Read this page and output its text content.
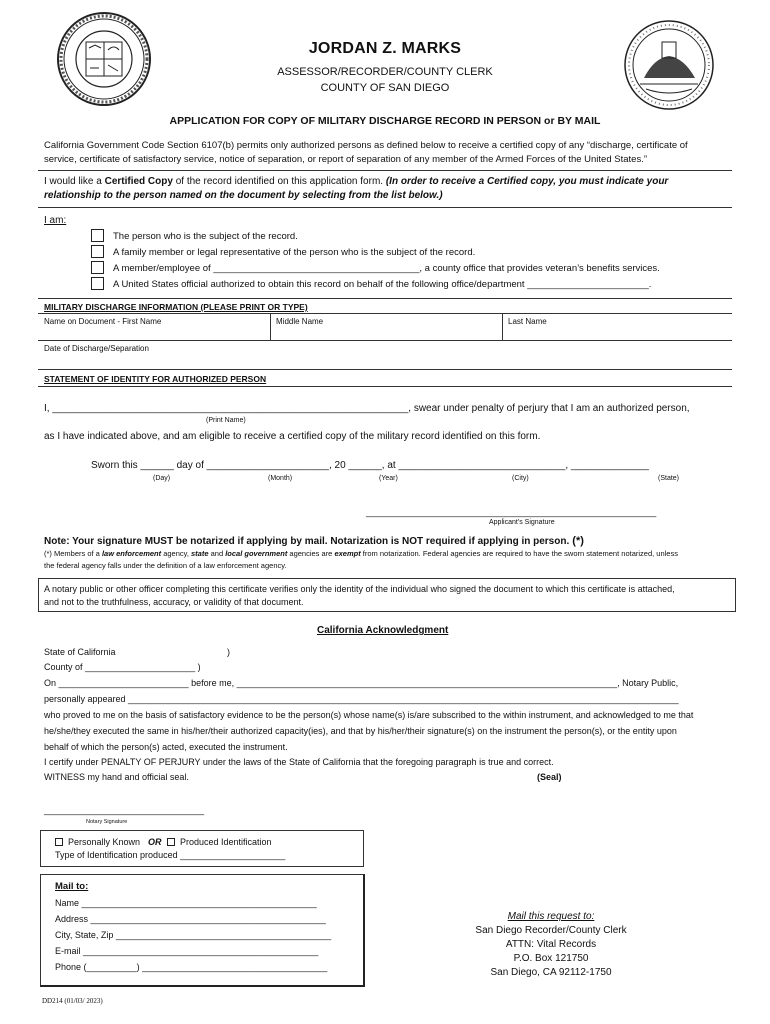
JORDAN Z. MARKS
ASSESSOR/RECORDER/COUNTY CLERK
COUNTY OF SAN DIEGO
APPLICATION FOR COPY OF MILITARY DISCHARGE RECORD IN PERSON or BY MAIL
California Government Code Section 6107(b) permits only authorized persons as defined below to receive a certified copy of any “discharge, certificate of
service, certificate of satisfactory service, notice of separation, or report of separation of any member of the Armed Forces of the United States.”
I would like a Certified Copy of the record identified on this application form. (In order to receive a Certified copy, you must indicate your
relationship to the person named on the document by selecting from the list below.)
I am:
The person who is the subject of the record.
A family member or legal representative of the person who is the subject of the record.
A member/employee of _______________________________________, a county office that provides veteran’s benefits services.
A United States official authorized to obtain this record on behalf of the following office/department _______________________.
MILITARY DISCHARGE INFORMATION (PLEASE PRINT OR TYPE)
Name on Document - First Name	Middle Name	Last Name
Date of Discharge/Separation
STATEMENT OF IDENTITY FOR AUTHORIZED PERSON
I, ________________________________________________________________, swear under penalty of perjury that I am an authorized person,
(Print Name)
as I have indicated above, and am eligible to receive a certified copy of the military record identified on this form.
Sworn this ______ day of ______________________, 20 ______, at ______________________________, ______________
(Day)	(Month)	(Year)	(City)	(State)
__________________________________________________________
Applicant’s Signature
Note: Your signature MUST be notarized if applying by mail. Notarization is NOT required if applying in person. (*)
(*) Members of a law enforcement agency, state and local government agencies are exempt from notarization. Federal agencies are required to have the sworn statement notarized, unless
the federal agency falls under the definition of a law enforcement agency.
A notary public or other officer completing this certificate verifies only the identity of the individual who signed the document to which this certificate is attached,
and not to the truthfulness, accuracy, or validity of that document.
California Acknowledgment
State of California	)
County of ______________________ )
On __________________________ before me, ____________________________________________________________________________, Notary Public,
personally appeared ______________________________________________________________________________________________________________
who proved to me on the basis of satisfactory evidence to be the person(s) whose name(s) is/are subscribed to the within instrument, and acknowledged to me that
he/she/they executed the same in his/her/their authorized capacity(ies), and that by his/her/their signature(s) on the instrument the person(s), or the entity upon
behalf of which the person(s) acted, executed the instrument.
I certify under PENALTY OF PERJURY under the laws of the State of California that the foregoing paragraph is true and correct.
WITNESS my hand and official seal.	(Seal)
________________________________
Notary Signature
Personally Known OR Produced Identification
Type of Identification produced _____________________
Mail to:
Name _______________________________________________
Address _______________________________________________
City, State, Zip ___________________________________________
E-mail _______________________________________________
Phone (__________) _____________________________________
Mail this request to:
San Diego Recorder/County Clerk
ATTN: Vital Records
P.O. Box 121750
San Diego, CA 92112-1750
DD214 (01/03/ 2023)
